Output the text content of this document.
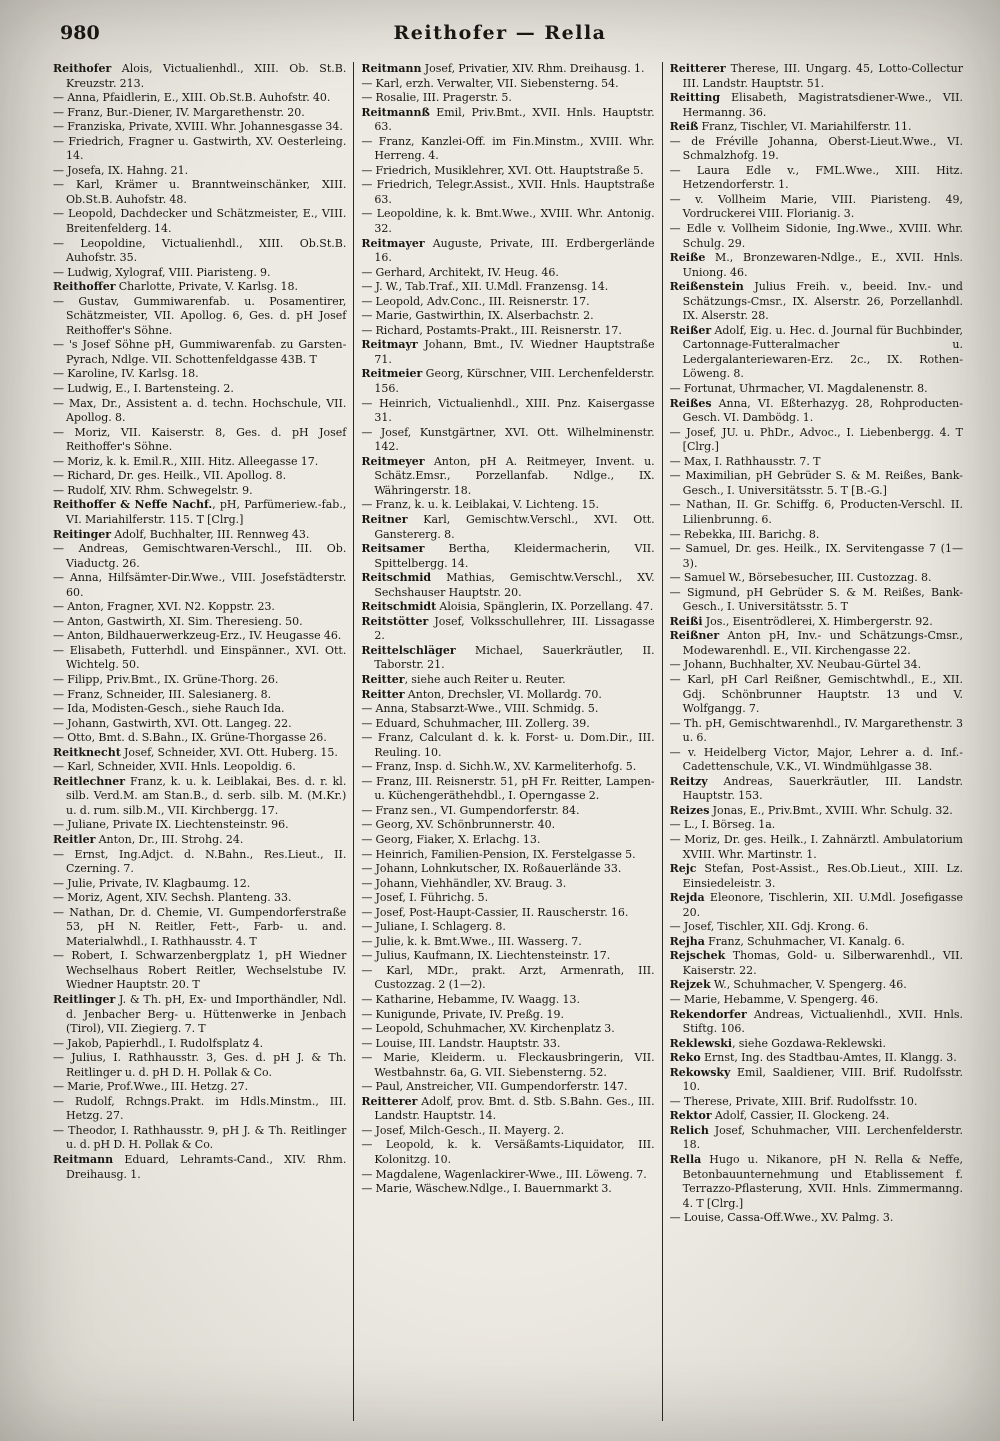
980	Reithofer — Rella

Reithofer Alois, Victualienhdl., XIII. Ob. St.B. Kreuzstr. 213.

— Anna, Pfaidlerin, E., XIII. Ob.St.B. Auhofstr. 40.

— Franz, Bur.-Diener, IV. Margarethenstr. 20.

— Franziska, Private, XVIII. Whr. Johannesgasse 34.

— Friedrich, Fragner u. Gastwirth, XV. Oesterleing. 14.

— Josefa, IX. Hahng. 21.

— Karl, Krämer u. Branntweinschänker, XIII. Ob.St.B. Auhofstr. 48.

— Leopold, Dachdecker und Schätzmeister, E., VIII. Breitenfelderg. 14.

— Leopoldine, Victualienhdl., XIII. Ob.St.B. Auhofstr. 35.

— Ludwig, Xylograf, VIII. Piaristeng. 9.

Reithoffer Charlotte, Private, V. Karlsg. 18.

— Gustav, Gummiwarenfab. u. Posamentirer, Schätzmeister, VII. Apollog. 6, Ges. d. pH Josef Reithoffer's Söhne.

— 's Josef Söhne pH, Gummiwarenfab. zu Garsten-Pyrach, Ndlge. VII. Schottenfeldgasse 43B. T

— Karoline, IV. Karlsg. 18.

— Ludwig, E., I. Bartensteing. 2.

— Max, Dr., Assistent a. d. techn. Hochschule, VII. Apollog. 8.

— Moriz, VII. Kaiserstr. 8, Ges. d. pH Josef Reithoffer's Söhne.

— Moriz, k. k. Emil.R., XIII. Hitz. Alleegasse 17.

— Richard, Dr. ges. Heilk., VII. Apollog. 8.

— Rudolf, XIV. Rhm. Schwegelstr. 9.

Reithoffer & Neffe Nachf., pH, Parfümeriew.-fab., VI. Mariahilferstr. 115. T [Clrg.]

Reitinger Adolf, Buchhalter, III. Rennweg 43.

— Andreas, Gemischtwaren-Verschl., III. Ob. Viaductg. 26.

— Anna, Hilfsämter-Dir.Wwe., VIII. Josefstädterstr. 60.

— Anton, Fragner, XVI. N2. Koppstr. 23.

— Anton, Gastwirth, XI. Sim. Theresieng. 50.

— Anton, Bildhauerwerkzeug-Erz., IV. Heugasse 46.

— Elisabeth, Futterhdl. und Einspänner., XVI. Ott. Wichtelg. 50.

— Filipp, Priv.Bmt., IX. Grüne-Thorg. 26.

— Franz, Schneider, III. Salesianerg. 8.

— Ida, Modisten-Gesch., siehe Rauch Ida.

— Johann, Gastwirth, XVI. Ott. Langeg. 22.

— Otto, Bmt. d. S.Bahn., IX. Grüne-Thorgasse 26.

Reitknecht Josef, Schneider, XVI. Ott. Huberg. 15.

— Karl, Schneider, XVII. Hnls. Leopoldig. 6.

Reitlechner Franz, k. u. k. Leiblakai, Bes. d. r. kl. silb. Verd.M. am Stan.B., d. serb. silb. M. (M.Kr.) u. d. rum. silb.M., VII. Kirchbergg. 17.

— Juliane, Private IX. Liechtensteinstr. 96.

Reitler Anton, Dr., III. Strohg. 24.

— Ernst, Ing.Adjct. d. N.Bahn., Res.Lieut., II. Czerning. 7.

— Julie, Private, IV. Klagbaumg. 12.

— Moriz, Agent, XIV. Sechsh. Planteng. 33.

— Nathan, Dr. d. Chemie, VI. Gumpendorferstraße 53, pH N. Reitler, Fett-, Farb- u. and. Materialwhdl., I. Rathhausstr. 4. T

— Robert, I. Schwarzenbergplatz 1, pH Wiedner Wechselhaus Robert Reitler, Wechselstube IV. Wiedner Hauptstr. 20. T

Reitlinger J. & Th. pH, Ex- und Importhändler, Ndl. d. Jenbacher Berg- u. Hüttenwerke in Jenbach (Tirol), VII. Ziegierg. 7. T

— Jakob, Papierhdl., I. Rudolfsplatz 4.

— Julius, I. Rathhausstr. 3, Ges. d. pH J. & Th. Reitlinger u. d. pH D. H. Pollak & Co.

— Marie, Prof.Wwe., III. Hetzg. 27.

— Rudolf, Rchngs.Prakt. im Hdls.Minstm., III. Hetzg. 27.

— Theodor, I. Rathhausstr. 9, pH J. & Th. Reitlinger u. d. pH D. H. Pollak & Co.

Reitmann Eduard, Lehramts-Cand., XIV. Rhm. Dreihausg. 1.

Reitmann Josef, Privatier, XIV. Rhm. Dreihausg. 1.

— Karl, erzh. Verwalter, VII. Siebensterng. 54.

— Rosalie, III. Pragerstr. 5.

Reitmannß Emil, Priv.Bmt., XVII. Hnls. Hauptstr. 63.

— Franz, Kanzlei-Off. im Fin.Minstm., XVIII. Whr. Herreng. 4.

— Friedrich, Musiklehrer, XVI. Ott. Hauptstraße 5.

— Friedrich, Telegr.Assist., XVII. Hnls. Hauptstraße 63.

— Leopoldine, k. k. Bmt.Wwe., XVIII. Whr. Antonig. 32.

Reitmayer Auguste, Private, III. Erdbergerlände 16.

— Gerhard, Architekt, IV. Heug. 46.

— J. W., Tab.Traf., XII. U.Mdl. Franzensg. 14.

— Leopold, Adv.Conc., III. Reisnerstr. 17.

— Marie, Gastwirthin, IX. Alserbachstr. 2.

— Richard, Postamts-Prakt., III. Reisnerstr. 17.

Reitmayr Johann, Bmt., IV. Wiedner Hauptstraße 71.

Reitmeier Georg, Kürschner, VIII. Lerchenfelderstr. 156.

— Heinrich, Victualienhdl., XIII. Pnz. Kaisergasse 31.

— Josef, Kunstgärtner, XVI. Ott. Wilhelminenstr. 142.

Reitmeyer Anton, pH A. Reitmeyer, Invent. u. Schätz.Emsr., Porzellanfab. Ndlge., IX. Währingerstr. 18.

— Franz, k. u. k. Leiblakai, V. Lichteng. 15.

Reitner Karl, Gemischtw.Verschl., XVI. Ott. Ganstererg. 8.

Reitsamer Bertha, Kleidermacherin, VII. Spittelbergg. 14.

Reitschmid Mathias, Gemischtw.Verschl., XV. Sechshauser Hauptstr. 20.

Reitschmidt Aloisia, Spänglerin, IX. Porzellang. 47.

Reitstötter Josef, Volksschullehrer, III. Lissagasse 2.

Reittelschläger Michael, Sauerkräutler, II. Taborstr. 21.

Reitter, siehe auch Reiter u. Reuter.

Reitter Anton, Drechsler, VI. Mollardg. 70.

— Anna, Stabsarzt-Wwe., VIII. Schmidg. 5.

— Eduard, Schuhmacher, III. Zollerg. 39.

— Franz, Calculant d. k. k. Forst- u. Dom.Dir., III. Reuling. 10.

— Franz, Insp. d. Sichh.W., XV. Karmeliterhofg. 5.

— Franz, III. Reisnerstr. 51, pH Fr. Reitter, Lampen- u. Küchengeräthehdbl., I. Operngasse 2.

— Franz sen., VI. Gumpendorferstr. 84.

— Georg, XV. Schönbrunnerstr. 40.

— Georg, Fiaker, X. Erlachg. 13.

— Heinrich, Familien-Pension, IX. Ferstelgasse 5.

— Johann, Lohnkutscher, IX. Roßauerlände 33.

— Johann, Viehhändler, XV. Braug. 3.

— Josef, I. Führichg. 5.

— Josef, Post-Haupt-Cassier, II. Rauscherstr. 16.

— Juliane, I. Schlagerg. 8.

— Julie, k. k. Bmt.Wwe., III. Wasserg. 7.

— Julius, Kaufmann, IX. Liechtensteinstr. 17.

— Karl, MDr., prakt. Arzt, Armenrath, III. Custozzag. 2 (1—2).

— Katharine, Hebamme, IV. Waagg. 13.

— Kunigunde, Private, IV. Preßg. 19.

— Leopold, Schuhmacher, XV. Kirchenplatz 3.

— Louise, III. Landstr. Hauptstr. 33.

— Marie, Kleiderm. u. Fleckausbringerin, VII. Westbahnstr. 6a, G. VII. Siebensterng. 52.

— Paul, Anstreicher, VII. Gumpendorferstr. 147.

Reitterer Adolf, prov. Bmt. d. Stb. S.Bahn. Ges., III. Landstr. Hauptstr. 14.

— Josef, Milch-Gesch., II. Mayerg. 2.

— Leopold, k. k. Versäßamts-Liquidator, III. Kolonitzg. 10.

— Magdalene, Wagenlackirer-Wwe., III. Löweng. 7.

— Marie, Wäschew.Ndlge., I. Bauernmarkt 3.

Reitterer Therese, III. Ungarg. 45, Lotto-Collectur III. Landstr. Hauptstr. 51.

Reitting Elisabeth, Magistratsdiener-Wwe., VII. Hermanng. 36.

Reiß Franz, Tischler, VI. Mariahilferstr. 11.

— de Fréville Johanna, Oberst-Lieut.Wwe., VI. Schmalzhofg. 19.

— Laura Edle v., FML.Wwe., XIII. Hitz. Hetzendorferstr. 1.

— v. Vollheim Marie, VIII. Piaristeng. 49, Vordruckerei VIII. Florianig. 3.

— Edle v. Vollheim Sidonie, Ing.Wwe., XVIII. Whr. Schulg. 29.

Reiße M., Bronzewaren-Ndlge., E., XVII. Hnls. Uniong. 46.

Reißenstein Julius Freih. v., beeid. Inv.- und Schätzungs-Cmsr., IX. Alserstr. 26, Porzellanhdl. IX. Alserstr. 28.

Reißer Adolf, Eig. u. Hec. d. Journal für Buchbinder, Cartonnage-Futteralmacher u. Ledergalanteriewaren-Erz. 2c., IX. Rothen-Löweng. 8.

— Fortunat, Uhrmacher, VI. Magdalenenstr. 8.

Reißes Anna, VI. Eßterhazyg. 28, Rohproducten-Gesch. VI. Dambödg. 1.

— Josef, JU. u. PhDr., Advoc., I. Liebenbergg. 4. T [Clrg.]

— Max, I. Rathhausstr. 7. T

— Maximilian, pH Gebrüder S. & M. Reißes, Bank-Gesch., I. Universitätsstr. 5. T [B.-G.]

— Nathan, II. Gr. Schiffg. 6, Producten-Verschl. II. Lilienbrunng. 6.

— Rebekka, III. Barichg. 8.

— Samuel, Dr. ges. Heilk., IX. Servitengasse 7 (1—3).

— Samuel W., Börsebesucher, III. Custozzag. 8.

— Sigmund, pH Gebrüder S. & M. Reißes, Bank-Gesch., I. Universitätsstr. 5. T

Reißi Jos., Eisentrödlerei, X. Himbergerstr. 92.

Reißner Anton pH, Inv.- und Schätzungs-Cmsr., Modewarenhdl. E., VII. Kirchengasse 22.

— Johann, Buchhalter, XV. Neubau-Gürtel 34.

— Karl, pH Carl Reißner, Gemischtwhdl., E., XII. Gdj. Schönbrunner Hauptstr. 13 und V. Wolfgangg. 7.

— Th. pH, Gemischtwarenhdl., IV. Margarethenstr. 3 u. 6.

— v. Heidelberg Victor, Major, Lehrer a. d. Inf.-Cadettenschule, V.K., VI. Windmühlgasse 38.

Reitzy Andreas, Sauerkräutler, III. Landstr. Hauptstr. 153.

Reizes Jonas, E., Priv.Bmt., XVIII. Whr. Schulg. 32.

— L., I. Börseg. 1a.

— Moriz, Dr. ges. Heilk., I. Zahnärztl. Ambulatorium XVIII. Whr. Martinstr. 1.

Rejc Stefan, Post-Assist., Res.Ob.Lieut., XIII. Lz. Einsiedeleistr. 3.

Rejda Eleonore, Tischlerin, XII. U.Mdl. Josefigasse 20.

— Josef, Tischler, XII. Gdj. Krong. 6.

Rejha Franz, Schuhmacher, VI. Kanalg. 6.

Rejschek Thomas, Gold- u. Silberwarenhdl., VII. Kaiserstr. 22.

Rejzek W., Schuhmacher, V. Spengerg. 46.

— Marie, Hebamme, V. Spengerg. 46.

Rekendorfer Andreas, Victualienhdl., XVII. Hnls. Stiftg. 106.

Reklewski, siehe Gozdawa-Reklewski.

Reko Ernst, Ing. des Stadtbau-Amtes, II. Klangg. 3.

Rekowsky Emil, Saaldiener, VIII. Brif. Rudolfsstr. 10.

— Therese, Private, XIII. Brif. Rudolfsstr. 10.

Rektor Adolf, Cassier, II. Glockeng. 24.

Relich Josef, Schuhmacher, VIII. Lerchenfelderstr. 18.

Rella Hugo u. Nikanore, pH N. Rella & Neffe, Betonbauunternehmung und Etablissement f. Terrazzo-Pflasterung, XVII. Hnls. Zimmermanng. 4. T [Clrg.]

— Louise, Cassa-Off.Wwe., XV. Palmg. 3.
